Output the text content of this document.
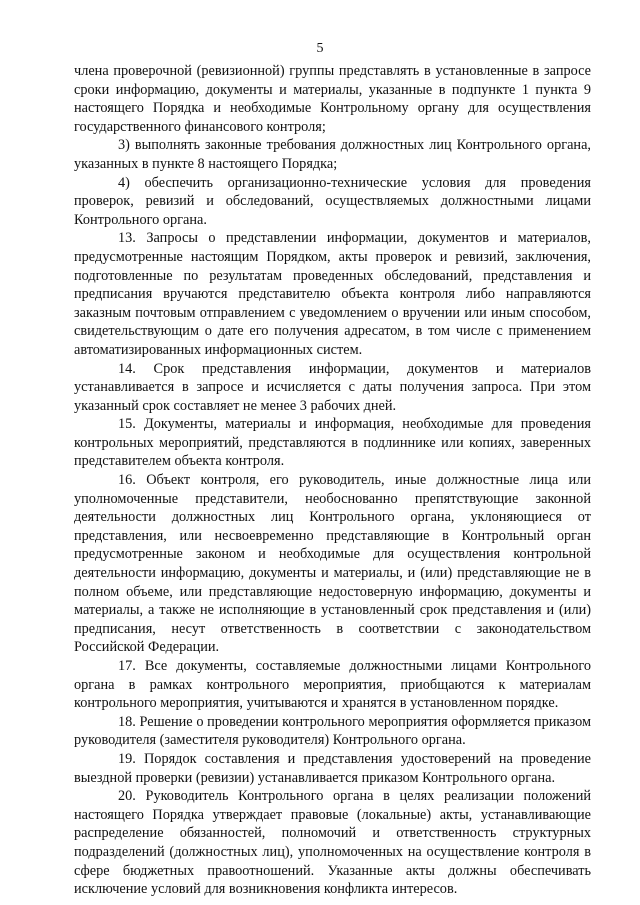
5

члена проверочной (ревизионной) группы представлять в установленные в запросе сроки информацию, документы и материалы, указанные в подпункте 1 пункта 9 настоящего Порядка и необходимые Контрольному органу для осуществления государственного финансового контроля;

3) выполнять законные требования должностных лиц Контрольного органа, указанных в пункте 8 настоящего Порядка;

4) обеспечить организационно-технические условия для проведения проверок, ревизий и обследований, осуществляемых должностными лицами Контрольного органа.

13. Запросы о представлении информации, документов и материалов, предусмотренные настоящим Порядком, акты проверок и ревизий, заключения, подготовленные по результатам проведенных обследований, представления и предписания вручаются представителю объекта контроля либо направляются заказным почтовым отправлением с уведомлением о вручении или иным способом, свидетельствующим о дате его получения адресатом, в том числе с применением автоматизированных информационных систем.

14. Срок представления информации, документов и материалов устанавливается в запросе и исчисляется с даты получения запроса. При этом указанный срок составляет не менее 3 рабочих дней.

15. Документы, материалы и информация, необходимые для проведения контрольных мероприятий, представляются в подлиннике или копиях, заверенных представителем объекта контроля.

16. Объект контроля, его руководитель, иные должностные лица или уполномоченные представители, необоснованно препятствующие законной деятельности должностных лиц Контрольного органа, уклоняющиеся от представления, или несвоевременно представляющие в Контрольный орган предусмотренные законом и необходимые для осуществления контрольной деятельности информацию, документы и материалы, и (или) представляющие не в полном объеме, или представляющие недостоверную информацию, документы и материалы, а также не исполняющие в установленный срок представления и (или) предписания, несут ответственность в соответствии с законодательством Российской Федерации.

17. Все документы, составляемые должностными лицами Контрольного органа в рамках контрольного мероприятия, приобщаются к материалам контрольного мероприятия, учитываются и хранятся в установленном порядке.

18. Решение о проведении контрольного мероприятия оформляется приказом руководителя (заместителя руководителя) Контрольного органа.

19. Порядок составления и представления удостоверений на проведение выездной проверки (ревизии) устанавливается приказом Контрольного органа.

20. Руководитель Контрольного органа в целях реализации положений настоящего Порядка утверждает правовые (локальные) акты, устанавливающие распределение обязанностей, полномочий и ответственность структурных подразделений (должностных лиц), уполномоченных на осуществление контроля в сфере бюджетных правоотношений. Указанные акты должны обеспечивать исключение условий для возникновения конфликта интересов.
